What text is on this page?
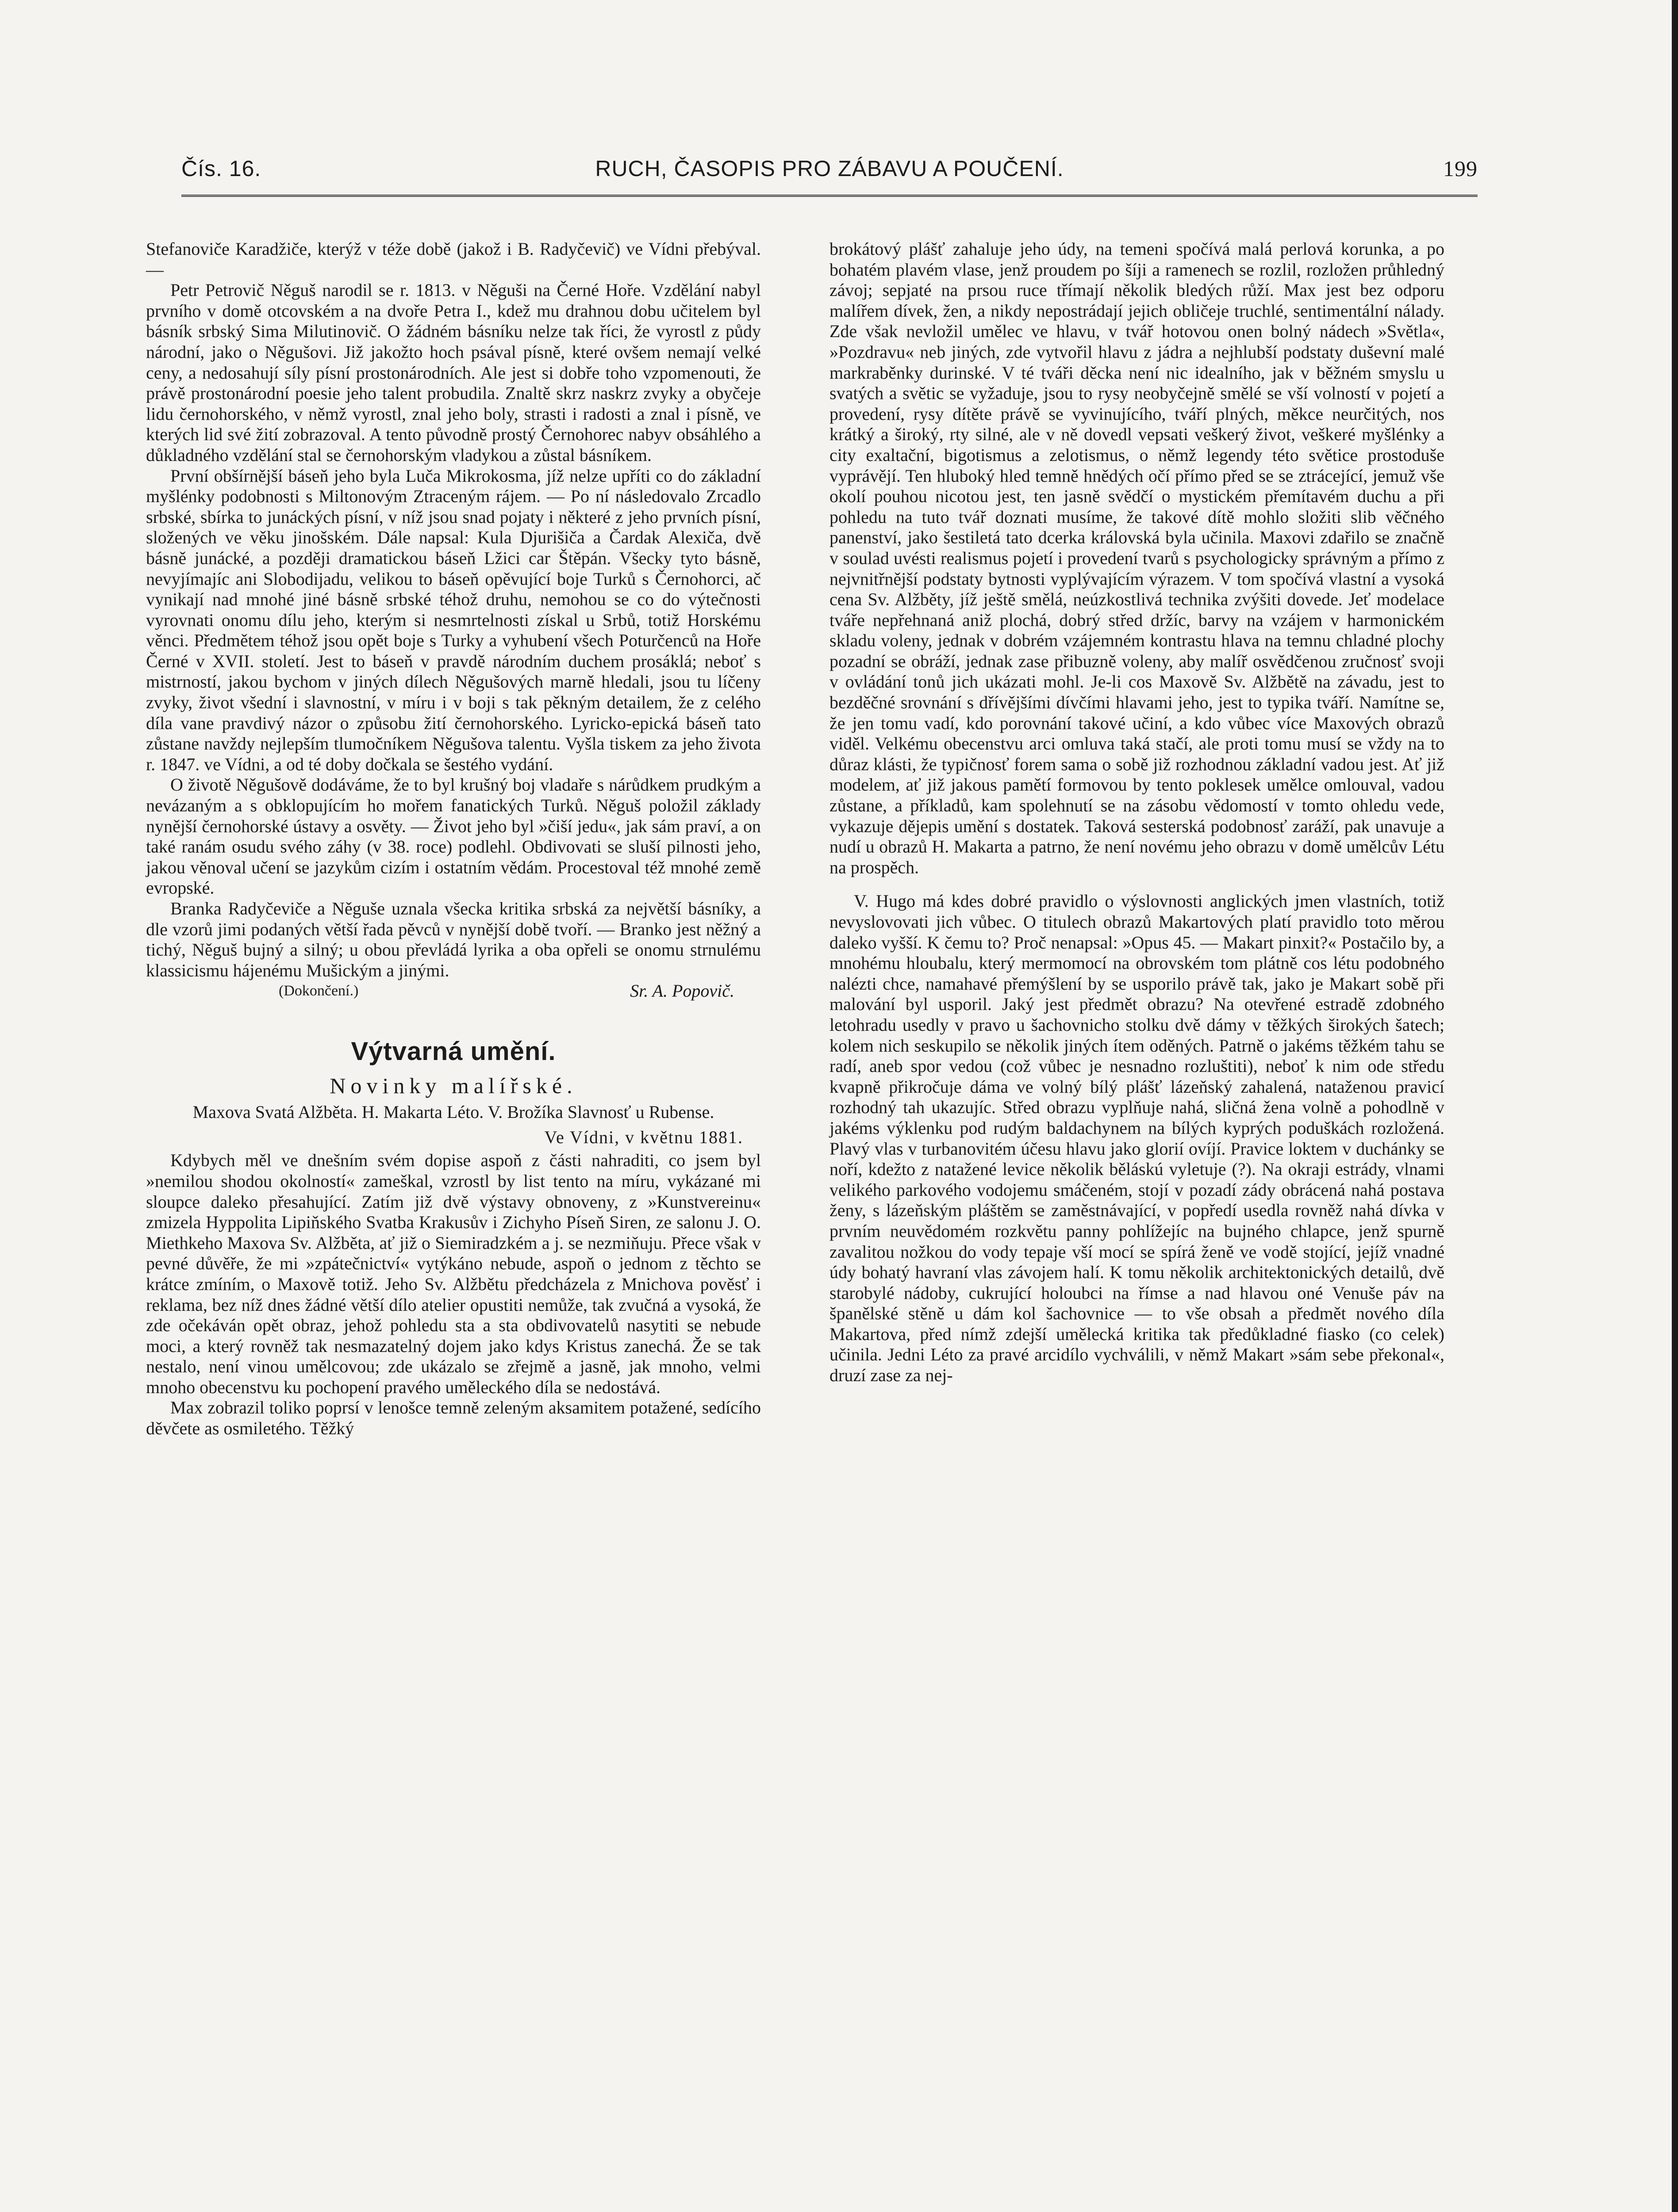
Čís. 16.	RUCH, ČASOPIS PRO ZÁBAVU A POUČENÍ.	199

Stefanoviče Karadžiče, kterýž v téže době (jakož i B. Radyčevič) ve Vídni přebýval. —

Petr Petrovič Něguš narodil se r. 1813. v Něguši na Černé Hoře. Vzdělání nabyl prvního v domě otcovském a na dvoře Petra I., kdež mu drahnou dobu učitelem byl básník srbský Sima Milutinovič. O žádném básníku nelze tak říci, že vyrostl z půdy národní, jako o Něgušovi. Již jakožto hoch psával písně, které ovšem nemají velké ceny, a nedosahují síly písní prostonárodních. Ale jest si dobře toho vzpomenouti, že právě prostonárodní poesie jeho talent probudila. Znaltě skrz naskrz zvyky a obyčeje lidu černohorského, v němž vyrostl, znal jeho boly, strasti i radosti a znal i písně, ve kterých lid své žití zobrazoval. A tento původně prostý Černohorec nabyv obsáhlého a důkladného vzdělání stal se černohorským vladykou a zůstal básníkem.

První obšírnější báseň jeho byla Luča Mikrokosma, jíž nelze upříti co do základní myšlénky podobnosti s Miltonovým Ztraceným rájem. — Po ní následovalo Zrcadlo srbské, sbírka to junáckých písní, v níž jsou snad pojaty i některé z jeho prvních písní, složených ve věku jinošském. Dále napsal: Kula Djurišiča a Čardak Alexiča, dvě básně junácké, a později dramatickou báseň Lžici car Štěpán. Všecky tyto básně, nevyjímajíc ani Slobodijadu, velikou to báseň opěvující boje Turků s Černohorci, ač vynikají nad mnohé jiné básně srbské téhož druhu, nemohou se co do výtečnosti vyrovnati onomu dílu jeho, kterým si nesmrtelnosti získal u Srbů, totiž Horskému věnci. Předmětem téhož jsou opět boje s Turky a vyhubení všech Poturčenců na Hoře Černé v XVII. století. Jest to báseň v pravdě národním duchem prosáklá; neboť s mistrností, jakou bychom v jiných dílech Něgušových marně hledali, jsou tu líčeny zvyky, život všední i slavnostní, v míru i v boji s tak pěkným detailem, že z celého díla vane pravdivý názor o způsobu žití černohorského. Lyricko-epická báseň tato zůstane navždy nejlepším tlumočníkem Něgušova talentu. Vyšla tiskem za jeho života r. 1847. ve Vídni, a od té doby dočkala se šestého vydání.

O životě Něgušově dodáváme, že to byl krušný boj vladaře s nárůdkem prudkým a nevázaným a s obklopujícím ho mořem fanatických Turků. Něguš položil základy nynější černohorské ústavy a osvěty. — Život jeho byl »čiší jedu«, jak sám praví, a on také ranám osudu svého záhy (v 38. roce) podlehl. Obdivovati se sluší pilnosti jeho, jakou věnoval učení se jazykům cizím i ostatním vědám. Procestoval též mnohé země evropské.

Branka Radyčeviče a Něguše uznala všecka kritika srbská za největší básníky, a dle vzorů jimi podaných větší řada pěvců v nynější době tvoří. — Branko jest něžný a tichý, Něguš bujný a silný; u obou převládá lyrika a oba opřeli se onomu strnulému klassicismu hájenému Mušickým a jinými.

(Dokončení.)	Sr. A. Popovič.

Výtvarná umění.
Novinky malířské.

Maxova Svatá Alžběta. H. Makarta Léto. V. Brožíka Slavnosť u Rubense.

Ve Vídni, v květnu 1881.

Kdybych měl ve dnešním svém dopise aspoň z části nahraditi, co jsem byl »nemilou shodou okolností« zameškal, vzrostl by list tento na míru, vykázané mi sloupce daleko přesahující. Zatím již dvě výstavy obnoveny, z »Kunstvereinu« zmizela Hyppolita Lipiňského Svatba Krakusův i Zichyho Píseň Siren, ze salonu J. O. Miethkeho Maxova Sv. Alžběta, ať již o Siemiradzkém a j. se nezmiňuju. Přece však v pevné důvěře, že mi »zpátečnictví« vytýkáno nebude, aspoň o jednom z těchto se krátce zmíním, o Maxově totiž. Jeho Sv. Alžbětu předcházela z Mnichova pověsť i reklama, bez níž dnes žádné větší dílo atelier opustiti nemůže, tak zvučná a vysoká, že zde očekáván opět obraz, jehož pohledu sta a sta obdivovatelů nasytiti se nebude moci, a který rovněž tak nesmazatelný dojem jako kdys Kristus zanechá. Že se tak nestalo, není vinou umělcovou; zde ukázalo se zřejmě a jasně, jak mnoho, velmi mnoho obecenstvu ku pochopení pravého uměleckého díla se nedostává.

Max zobrazil toliko poprsí v lenošce temně zeleným aksamitem potažené, sedícího děvčete as osmiletého. Těžký

brokátový plášť zahaluje jeho údy, na temeni spočívá malá perlová korunka, a po bohatém plavém vlase, jenž proudem po šíji a ramenech se rozlil, rozložen průhledný závoj; sepjaté na prsou ruce třímají několik bledých růží. Max jest bez odporu malířem dívek, žen, a nikdy nepostrádají jejich obličeje truchlé, sentimentální nálady. Zde však nevložil umělec ve hlavu, v tvář hotovou onen bolný nádech »Světla«, »Pozdravu« neb jiných, zde vytvořil hlavu z jádra a nejhlubší podstaty duševní malé markraběnky durinské. V té tváři děcka není nic idealního, jak v běžném smyslu u svatých a světic se vyžaduje, jsou to rysy neobyčejně smělé se vší volností v pojetí a provedení, rysy dítěte právě se vyvinujícího, tváří plných, měkce neurčitých, nos krátký a široký, rty silné, ale v ně dovedl vepsati veškerý život, veškeré myšlénky a city exaltační, bigotismus a zelotismus, o němž legendy této světice prostoduše vyprávějí. Ten hluboký hled temně hnědých očí přímo před se se ztrácející, jemuž vše okolí pouhou nicotou jest, ten jasně svědčí o mystickém přemítavém duchu a při pohledu na tuto tvář doznati musíme, že takové dítě mohlo složiti slib věčného panenství, jako šestiletá tato dcerka královská byla učinila. Maxovi zdařilo se značně v soulad uvésti realismus pojetí i provedení tvarů s psychologicky správným a přímo z nejvnitřnější podstaty bytnosti vyplývajícím výrazem. V tom spočívá vlastní a vysoká cena Sv. Alžběty, jíž ještě smělá, neúzkostlivá technika zvýšiti dovede. Jeť modelace tváře nepřehnaná aniž plochá, dobrý střed držíc, barvy na vzájem v harmonickém skladu voleny, jednak v dobrém vzájemném kontrastu hlava na temnu chladné plochy pozadní se obráží, jednak zase přibuzně voleny, aby malíř osvědčenou zručnosť svoji v ovládání tonů jich ukázati mohl. Je-li cos Maxově Sv. Alžbětě na závadu, jest to bezděčné srovnání s dřívějšími dívčími hlavami jeho, jest to typika tváří. Namítne se, že jen tomu vadí, kdo porovnání takové učiní, a kdo vůbec více Maxových obrazů viděl. Velkému obecenstvu arci omluva taká stačí, ale proti tomu musí se vždy na to důraz klásti, že typičnosť forem sama o sobě již rozhodnou základní vadou jest. Ať již modelem, ať již jakous pamětí formovou by tento poklesek umělce omlouval, vadou zůstane, a příkladů, kam spolehnutí se na zásobu vědomostí v tomto ohledu vede, vykazuje dějepis umění s dostatek. Taková sesterská podobnosť zaráží, pak unavuje a nudí u obrazů H. Makarta a patrno, že není novému jeho obrazu v domě umělcův Létu na prospěch.

V. Hugo má kdes dobré pravidlo o výslovnosti anglických jmen vlastních, totiž nevyslovovati jich vůbec. O titulech obrazů Makartových platí pravidlo toto měrou daleko vyšší. K čemu to? Proč nenapsal: »Opus 45. — Makart pinxit?« Postačilo by, a mnohému hloubalu, který mermomocí na obrovském tom plátně cos létu podobného nalézti chce, namahavé přemýšlení by se usporilo právě tak, jako je Makart sobě při malování byl usporil. Jaký jest předmět obrazu? Na otevřené estradě zdobného letohradu usedly v pravo u šachovnicho stolku dvě dámy v těžkých širokých šatech; kolem nich seskupilo se několik jiných ítem oděných. Patrně o jakéms těžkém tahu se radí, aneb spor vedou (což vůbec je nesnadno rozluštiti), neboť k nim ode středu kvapně přikročuje dáma ve volný bílý plášť lázeňský zahalená, nataženou pravicí rozhodný tah ukazujíc. Střed obrazu vyplňuje nahá, sličná žena volně a pohodlně v jakéms výklenku pod rudým baldachynem na bílých kyprých poduškách rozložená. Plavý vlas v turbanovitém účesu hlavu jako glorií ovíjí. Pravice loktem v duchánky se noří, kdežto z natažené levice několik běláskú vyletuje (?). Na okraji estrády, vlnami velikého parkového vodojemu smáčeném, stojí v pozadí zády obrácená nahá postava ženy, s lázeňským pláštěm se zaměstnávající, v popředí usedla rovněž nahá dívka v prvním neuvědomém rozkvětu panny pohlížejíc na bujného chlapce, jenž spurně zavalitou nožkou do vody tepaje vší mocí se spírá ženě ve vodě stojící, jejíž vnadné údy bohatý havraní vlas závojem halí. K tomu několik architektonických detailů, dvě starobylé nádoby, cukrující holoubci na římse a nad hlavou oné Venuše páv na španělské stěně u dám kol šachovnice — to vše obsah a předmět nového díla Makartova, před nímž zdejší umělecká kritika tak předůkladné fiasko (co celek) učinila. Jedni Léto za pravé arcidílo vychválili, v němž Makart »sám sebe překonal«, druzí zase za nej-
